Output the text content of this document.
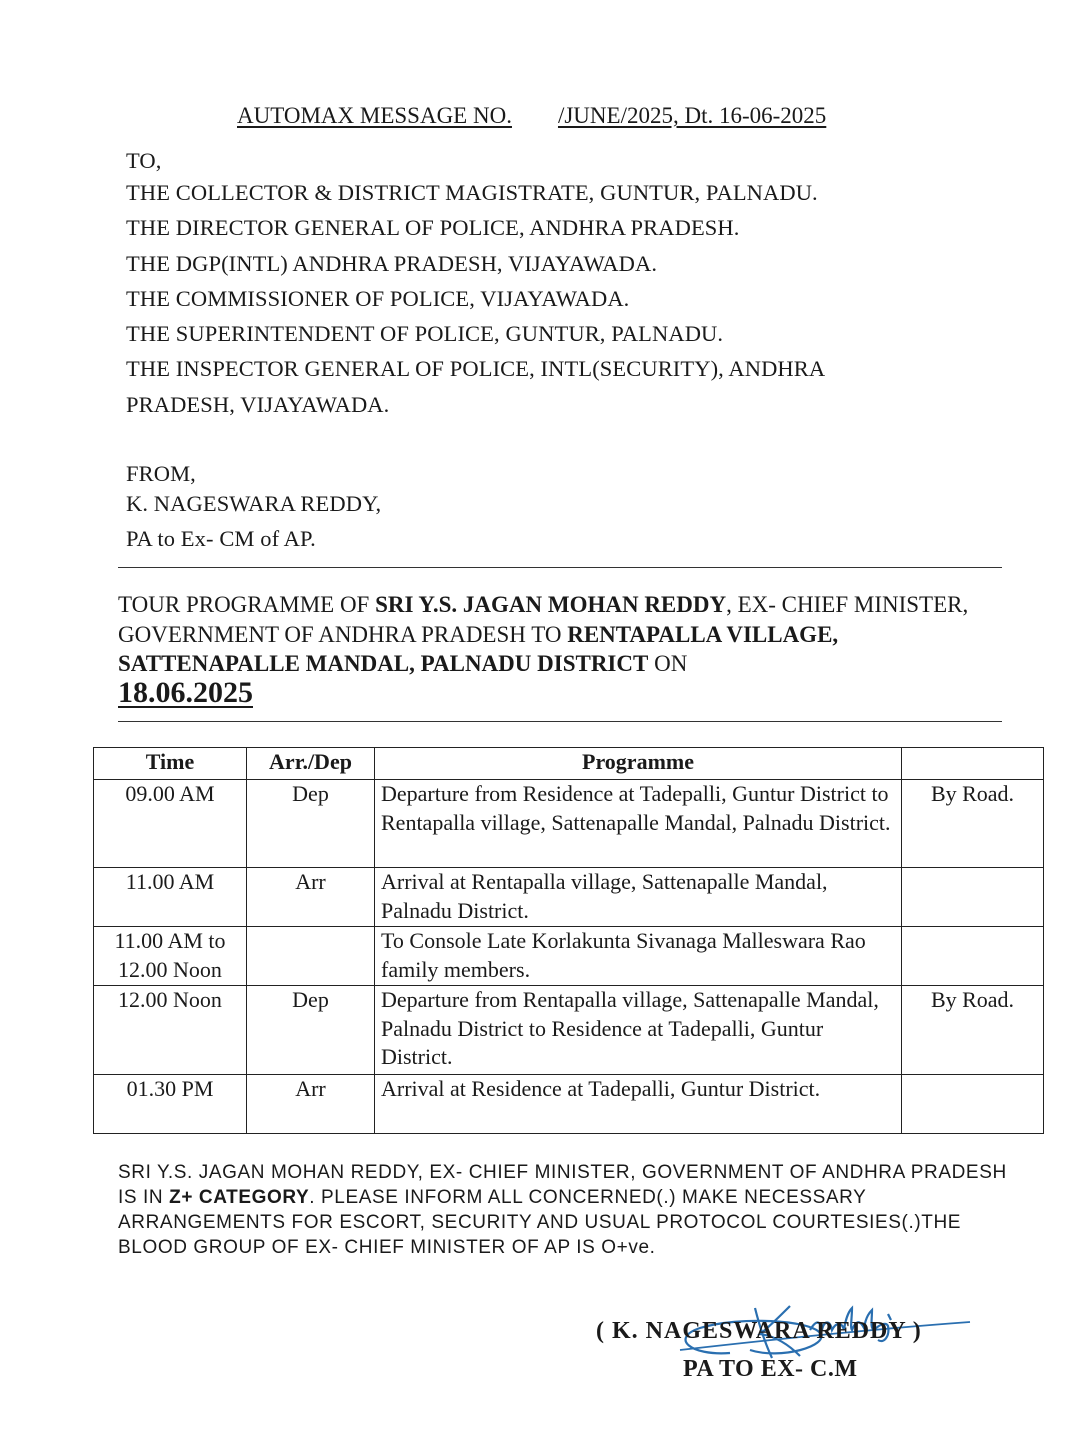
AUTOMAX MESSAGE NO. /JUNE/2025, Dt. 16-06-2025
TO,
THE COLLECTOR & DISTRICT MAGISTRATE, GUNTUR, PALNADU.
THE DIRECTOR GENERAL OF POLICE, ANDHRA PRADESH.
THE DGP(INTL) ANDHRA PRADESH, VIJAYAWADA.
THE COMMISSIONER OF POLICE, VIJAYAWADA.
THE SUPERINTENDENT OF POLICE, GUNTUR, PALNADU.
THE INSPECTOR GENERAL OF POLICE, INTL(SECURITY), ANDHRA
PRADESH, VIJAYAWADA.
FROM,
K. NAGESWARA REDDY,
PA to Ex- CM of AP.
TOUR PROGRAMME OF SRI Y.S. JAGAN MOHAN REDDY, EX- CHIEF MINISTER, GOVERNMENT OF ANDHRA PRADESH TO RENTAPALLA VILLAGE, SATTENAPALLE MANDAL, PALNADU DISTRICT ON
18.06.2025
Time	Arr./Dep	Programme	
09.00 AM	Dep	Departure from Residence at Tadepalli, Guntur District to Rentapalla village, Sattenapalle Mandal, Palnadu District.	By Road.
11.00 AM	Arr	Arrival at Rentapalla village, Sattenapalle Mandal, Palnadu District.	
11.00 AM to 12.00 Noon		To Console Late Korlakunta Sivanaga Malleswara Rao family members.	
12.00 Noon	Dep	Departure from Rentapalla village, Sattenapalle Mandal, Palnadu District to Residence at Tadepalli, Guntur District.	By Road.
01.30 PM	Arr	Arrival at Residence at Tadepalli, Guntur District.	
SRI Y.S. JAGAN MOHAN REDDY, EX- CHIEF MINISTER, GOVERNMENT OF ANDHRA PRADESH IS IN Z+ CATEGORY. PLEASE INFORM ALL CONCERNED(.) MAKE NECESSARY ARRANGEMENTS FOR ESCORT, SECURITY AND USUAL PROTOCOL COURTESIES(.)THE BLOOD GROUP OF EX- CHIEF MINISTER OF AP IS O+ve.
( K. NAGESWARA REDDY )
PA TO EX- C.M
